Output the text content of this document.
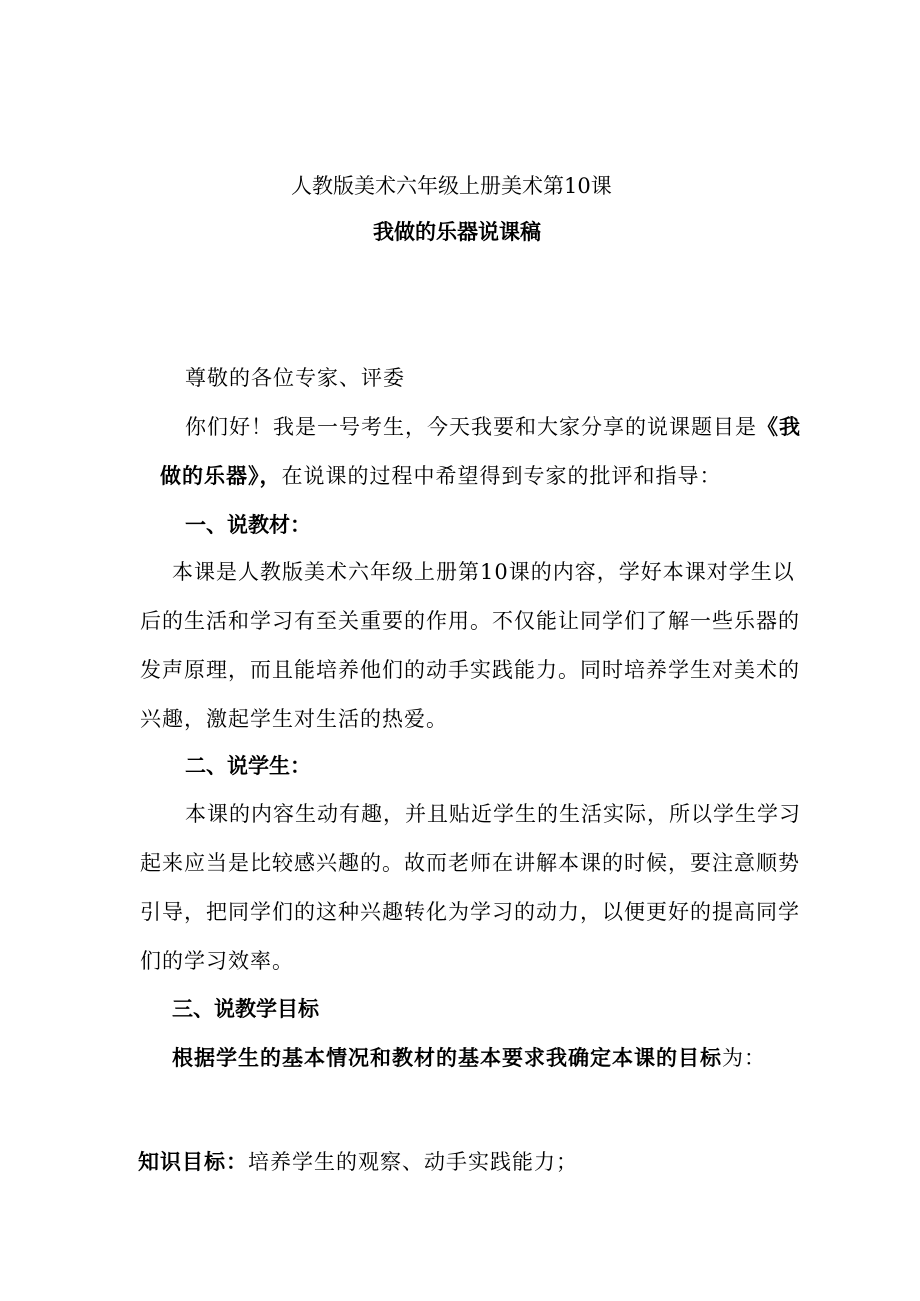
人教版美术六年级上册美术第10课
我做的乐器说课稿
尊敬的各位专家、评委
你们好！我是一号考生，今天我要和大家分享的说课题目是《我
做的乐器》，在说课的过程中希望得到专家的批评和指导：
一、说教材：
本课是人教版美术六年级上册第10课的内容，学好本课对学生以
后的生活和学习有至关重要的作用。不仅能让同学们了解一些乐器的
发声原理，而且能培养他们的动手实践能力。同时培养学生对美术的
兴趣，激起学生对生活的热爱。
二、说学生：
本课的内容生动有趣，并且贴近学生的生活实际，所以学生学习
起来应当是比较感兴趣的。故而老师在讲解本课的时候，要注意顺势
引导，把同学们的这种兴趣转化为学习的动力，以便更好的提高同学
们的学习效率。
三、说教学目标
根据学生的基本情况和教材的基本要求我确定本课的目标为：
知识目标：培养学生的观察、动手实践能力；
